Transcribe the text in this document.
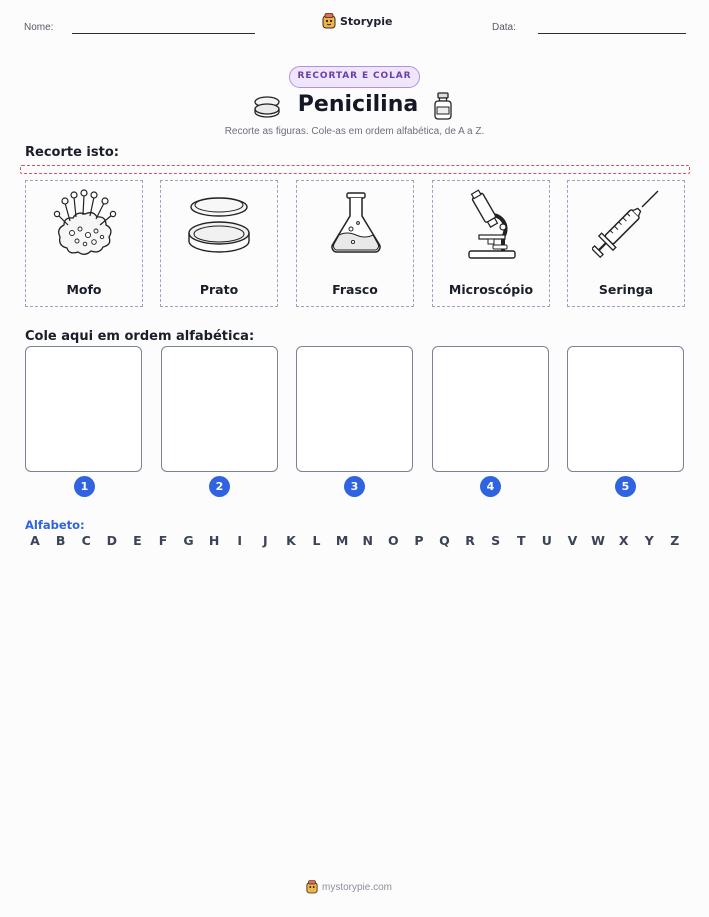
Nome:	Storypie	Data:
RECORTAR E COLAR
Penicilina
Recorte as figuras. Cole-as em ordem alfabética, de A a Z.
Recorte isto:
Mofo	Prato	Frasco	Microscópio	Seringa
Cole aqui em ordem alfabética:
1	2	3	4	5
Alfabeto:
A	B	C	D	E	F	G	H	I	J	K	L	M	N	O	P	Q	R	S	T	U	V	W	X	Y	Z
mystorypie.com
